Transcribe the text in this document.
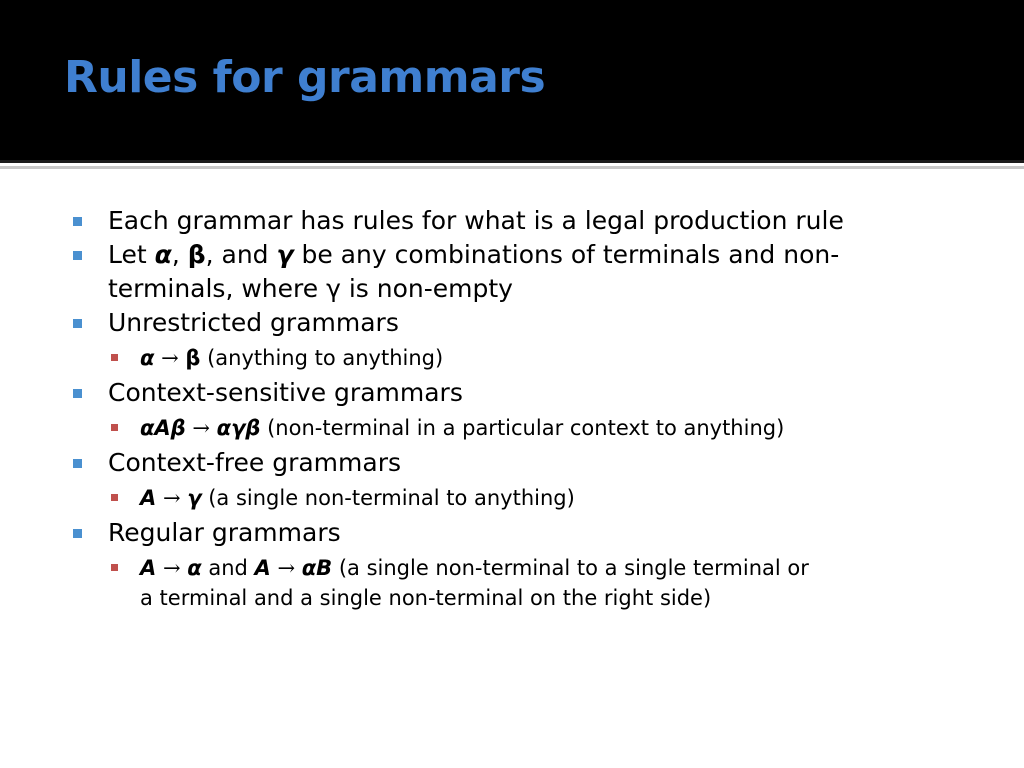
Rules for grammars
Each grammar has rules for what is a legal production rule
Let α, β, and γ be any combinations of terminals and non-
terminals, where γ is non-empty
Unrestricted grammars
α → β (anything to anything)
Context-sensitive grammars
αAβ → αγβ (non-terminal in a particular context to anything)
Context-free grammars
A → γ (a single non-terminal to anything)
Regular grammars
A → α and A → αB (a single non-terminal to a single terminal or
a terminal and a single non-terminal on the right side)
